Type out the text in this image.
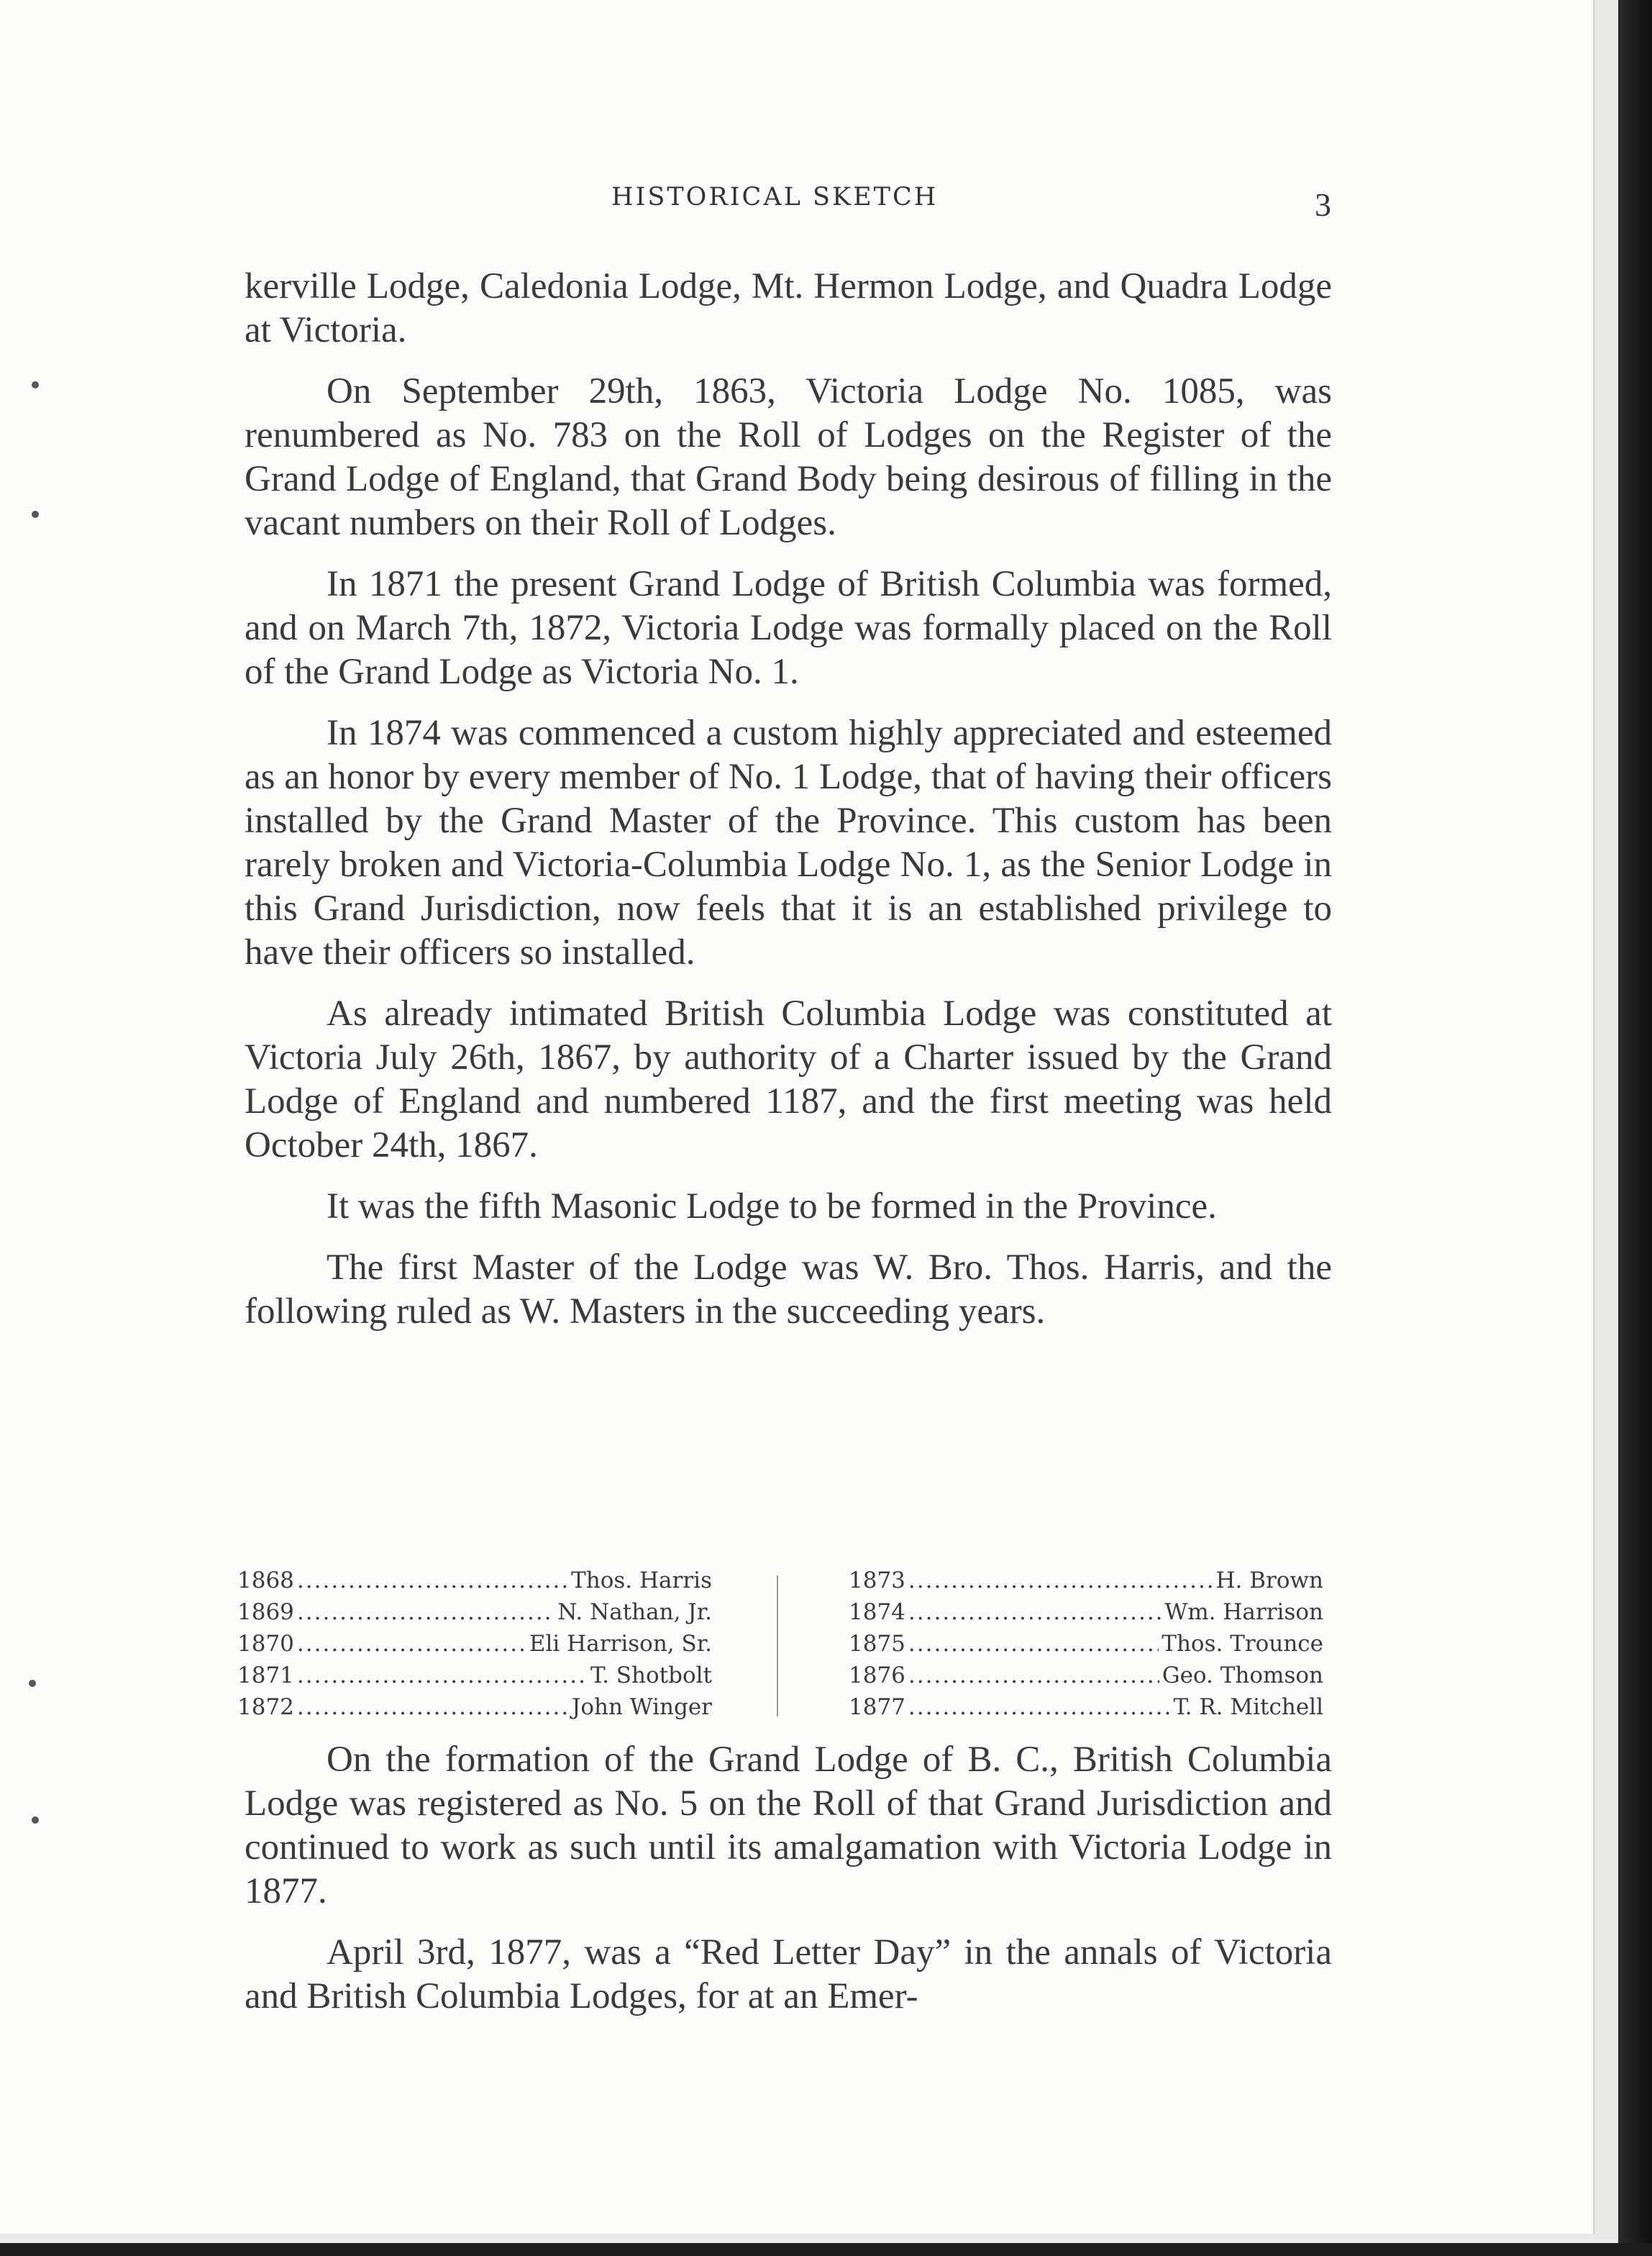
HISTORICAL SKETCH	3

kerville Lodge, Caledonia Lodge, Mt. Hermon Lodge, and Quadra Lodge at Victoria.

On September 29th, 1863, Victoria Lodge No. 1085, was renumbered as No. 783 on the Roll of Lodges on the Register of the Grand Lodge of England, that Grand Body being desirous of filling in the vacant numbers on their Roll of Lodges.

In 1871 the present Grand Lodge of British Columbia was formed, and on March 7th, 1872, Victoria Lodge was formally placed on the Roll of the Grand Lodge as Victoria No. 1.

In 1874 was commenced a custom highly appreciated and esteemed as an honor by every member of No. 1 Lodge, that of having their officers installed by the Grand Master of the Province. This custom has been rarely broken and Victoria-Columbia Lodge No. 1, as the Senior Lodge in this Grand Jurisdiction, now feels that it is an established privilege to have their officers so installed.

As already intimated British Columbia Lodge was constituted at Victoria July 26th, 1867, by authority of a Charter issued by the Grand Lodge of England and numbered 1187, and the first meeting was held October 24th, 1867.

It was the fifth Masonic Lodge to be formed in the Province.

The first Master of the Lodge was W. Bro. Thos. Harris, and the following ruled as W. Masters in the succeeding years.

1868 .....	Thos. Harris
1869 .....	N. Nathan, Jr.
1870 .....	Eli Harrison, Sr.
1871 .....	T. Shotbolt
1872 .....	John Winger
1873 .....	H. Brown
1874 .....	Wm. Harrison
1875 .....	Thos. Trounce
1876 .....	Geo. Thomson
1877 .....	T. R. Mitchell

On the formation of the Grand Lodge of B. C., British Columbia Lodge was registered as No. 5 on the Roll of that Grand Jurisdiction and continued to work as such until its amalgamation with Victoria Lodge in 1877.

April 3rd, 1877, was a “Red Letter Day” in the annals of Victoria and British Columbia Lodges, for at an Emer-
